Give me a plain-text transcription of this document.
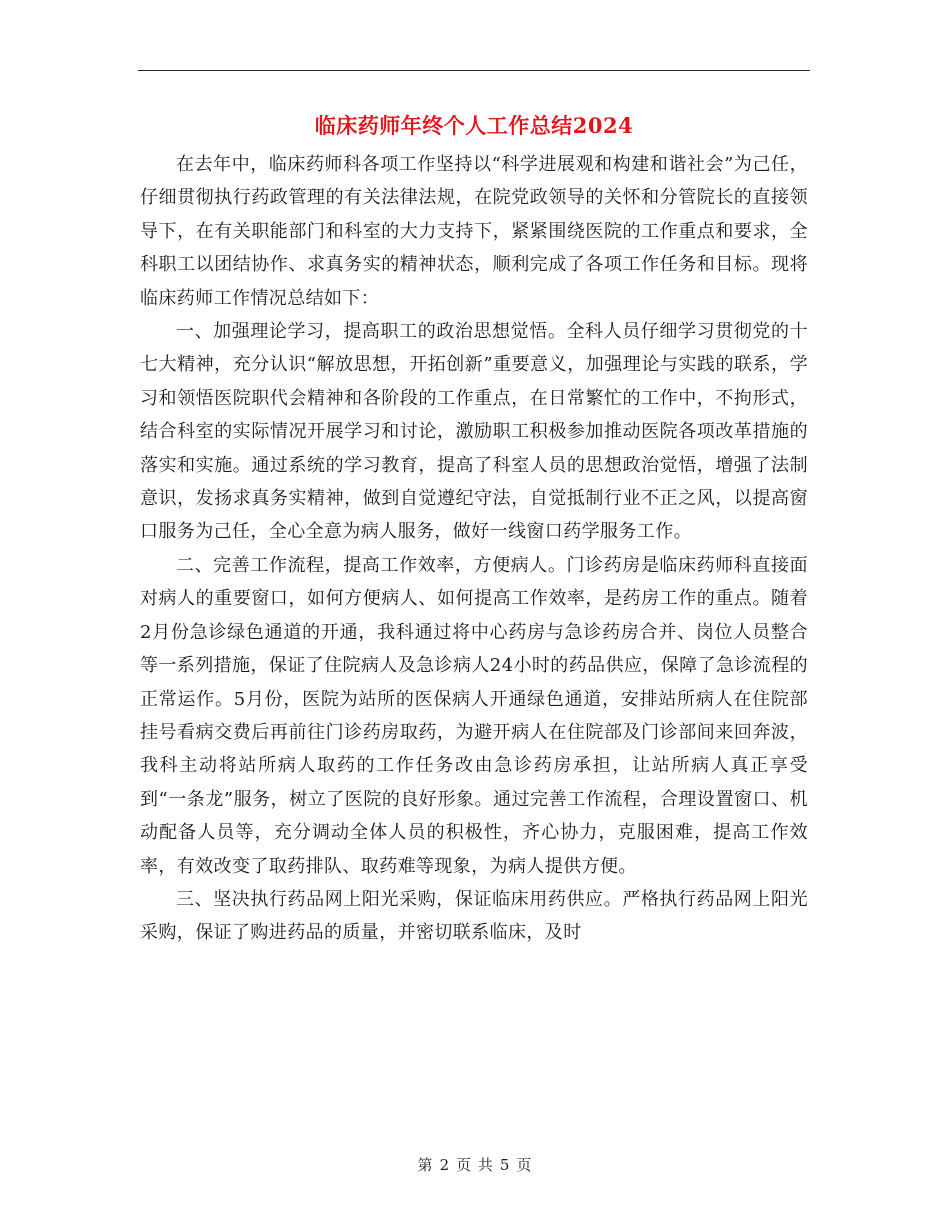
临床药师年终个人工作总结2024

在去年中，临床药师科各项工作坚持以“科学进展观和构建和谐社会”为己任，仔细贯彻执行药政管理的有关法律法规，在院党政领导的关怀和分管院长的直接领导下，在有关职能部门和科室的大力支持下，紧紧围绕医院的工作重点和要求，全科职工以团结协作、求真务实的精神状态，顺利完成了各项工作任务和目标。现将临床药师工作情况总结如下：

一、加强理论学习，提高职工的政治思想觉悟。全科人员仔细学习贯彻党的十七大精神，充分认识“解放思想，开拓创新”重要意义，加强理论与实践的联系，学习和领悟医院职代会精神和各阶段的工作重点，在日常繁忙的工作中，不拘形式，结合科室的实际情况开展学习和讨论，激励职工积极参加推动医院各项改革措施的落实和实施。通过系统的学习教育，提高了科室人员的思想政治觉悟，增强了法制意识，发扬求真务实精神，做到自觉遵纪守法，自觉抵制行业不正之风，以提高窗口服务为己任，全心全意为病人服务，做好一线窗口药学服务工作。

二、完善工作流程，提高工作效率，方便病人。门诊药房是临床药师科直接面对病人的重要窗口，如何方便病人、如何提高工作效率，是药房工作的重点。随着2月份急诊绿色通道的开通，我科通过将中心药房与急诊药房合并、岗位人员整合等一系列措施，保证了住院病人及急诊病人24小时的药品供应，保障了急诊流程的正常运作。5月份，医院为站所的医保病人开通绿色通道，安排站所病人在住院部挂号看病交费后再前往门诊药房取药，为避开病人在住院部及门诊部间来回奔波，我科主动将站所病人取药的工作任务改由急诊药房承担，让站所病人真正享受到“一条龙”服务，树立了医院的良好形象。通过完善工作流程，合理设置窗口、机动配备人员等，充分调动全体人员的积极性，齐心协力，克服困难，提高工作效率，有效改变了取药排队、取药难等现象，为病人提供方便。

三、坚决执行药品网上阳光采购，保证临床用药供应。严格执行药品网上阳光采购，保证了购进药品的质量，并密切联系临床，及时

第 2 页 共 5 页
